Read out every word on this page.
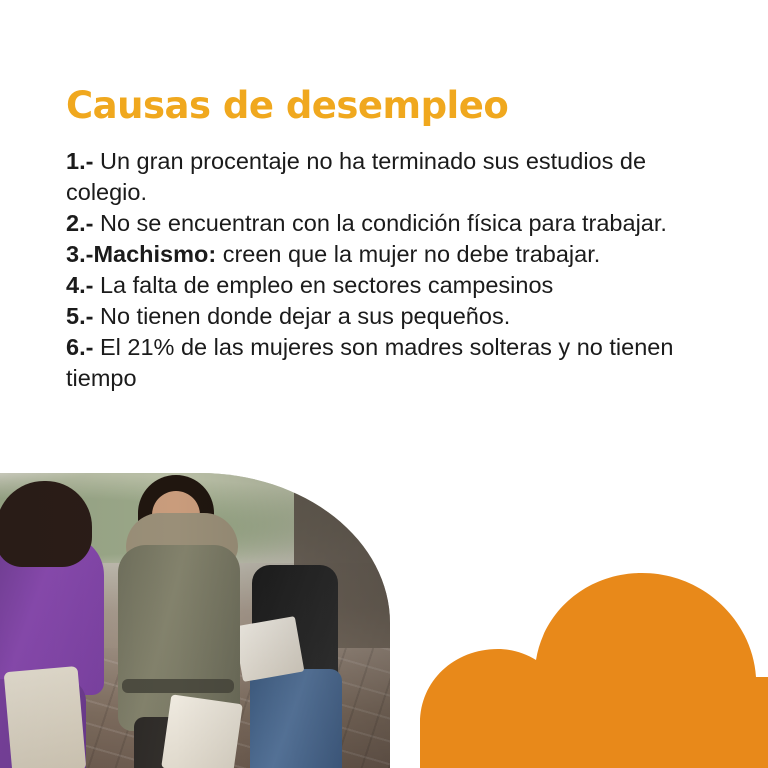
Causas de desempleo

1.- Un gran procentaje no ha terminado sus estudios de colegio.

2.- No se encuentran con la condición física para trabajar.

3.-Machismo: creen que la mujer no debe trabajar.

4.- La falta de empleo en sectores campesinos

5.- No tienen donde dejar a sus pequeños.

6.- El 21% de las mujeres son madres solteras y no tienen tiempo
